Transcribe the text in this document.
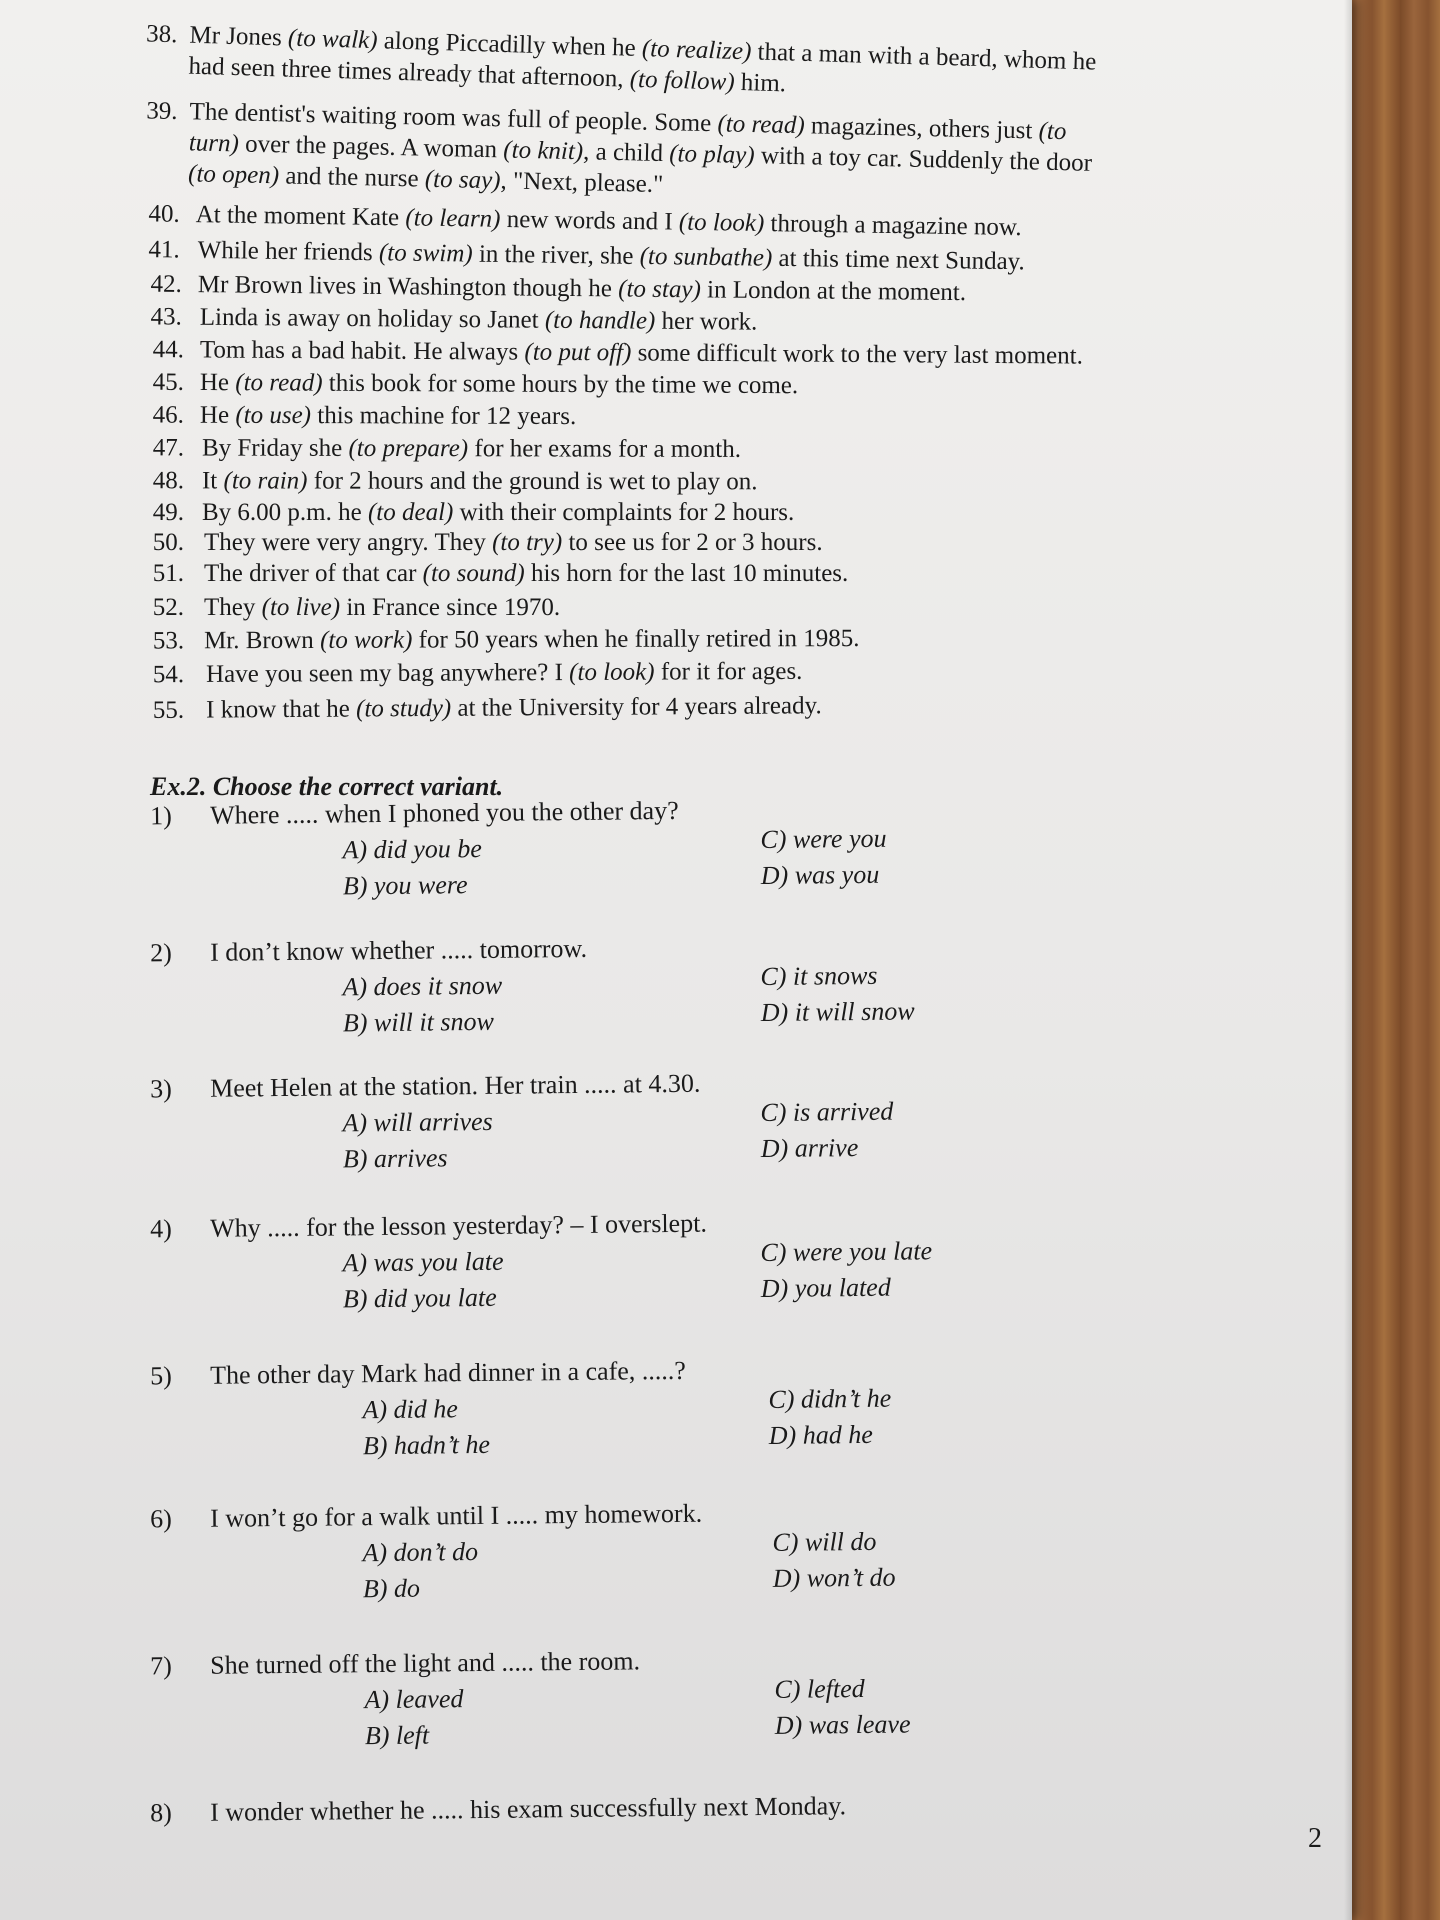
38. Mr Jones (to walk) along Piccadilly when he (to realize) that a man with a beard, whom he
had seen three times already that afternoon, (to follow) him.
39. The dentist's waiting room was full of people. Some (to read) magazines, others just (to
turn) over the pages. A woman (to knit), a child (to play) with a toy car. Suddenly the door
(to open) and the nurse (to say), "Next, please."
40. At the moment Kate (to learn) new words and I (to look) through a magazine now.
41. While her friends (to swim) in the river, she (to sunbathe) at this time next Sunday.
42. Mr Brown lives in Washington though he (to stay) in London at the moment.
43. Linda is away on holiday so Janet (to handle) her work.
44. Tom has a bad habit. He always (to put off) some difficult work to the very last moment.
45. He (to read) this book for some hours by the time we come.
46. He (to use) this machine for 12 years.
47. By Friday she (to prepare) for her exams for a month.
48. It (to rain) for 2 hours and the ground is wet to play on.
49. By 6.00 p.m. he (to deal) with their complaints for 2 hours.
50. They were very angry. They (to try) to see us for 2 or 3 hours.
51. The driver of that car (to sound) his horn for the last 10 minutes.
52. They (to live) in France since 1970.
53. Mr. Brown (to work) for 50 years when he finally retired in 1985.
54. Have you seen my bag anywhere? I (to look) for it for ages.
55. I know that he (to study) at the University for 4 years already.
Ex.2. Choose the correct variant.
1) Where ..... when I phoned you the other day?
A) did you be
B) you were
C) were you
D) was you
2) I don’t know whether ..... tomorrow.
A) does it snow
B) will it snow
C) it snows
D) it will snow
3) Meet Helen at the station. Her train ..... at 4.30.
A) will arrives
B) arrives
C) is arrived
D) arrive
4) Why ..... for the lesson yesterday? – I overslept.
A) was you late
B) did you late
C) were you late
D) you lated
5) The other day Mark had dinner in a cafe, .....?
A) did he
B) hadn’t he
C) didn’t he
D) had he
6) I won’t go for a walk until I ..... my homework.
A) don’t do
B) do
C) will do
D) won’t do
7) She turned off the light and ..... the room.
A) leaved
B) left
C) lefted
D) was leave
8) I wonder whether he ..... his exam successfully next Monday.
2
